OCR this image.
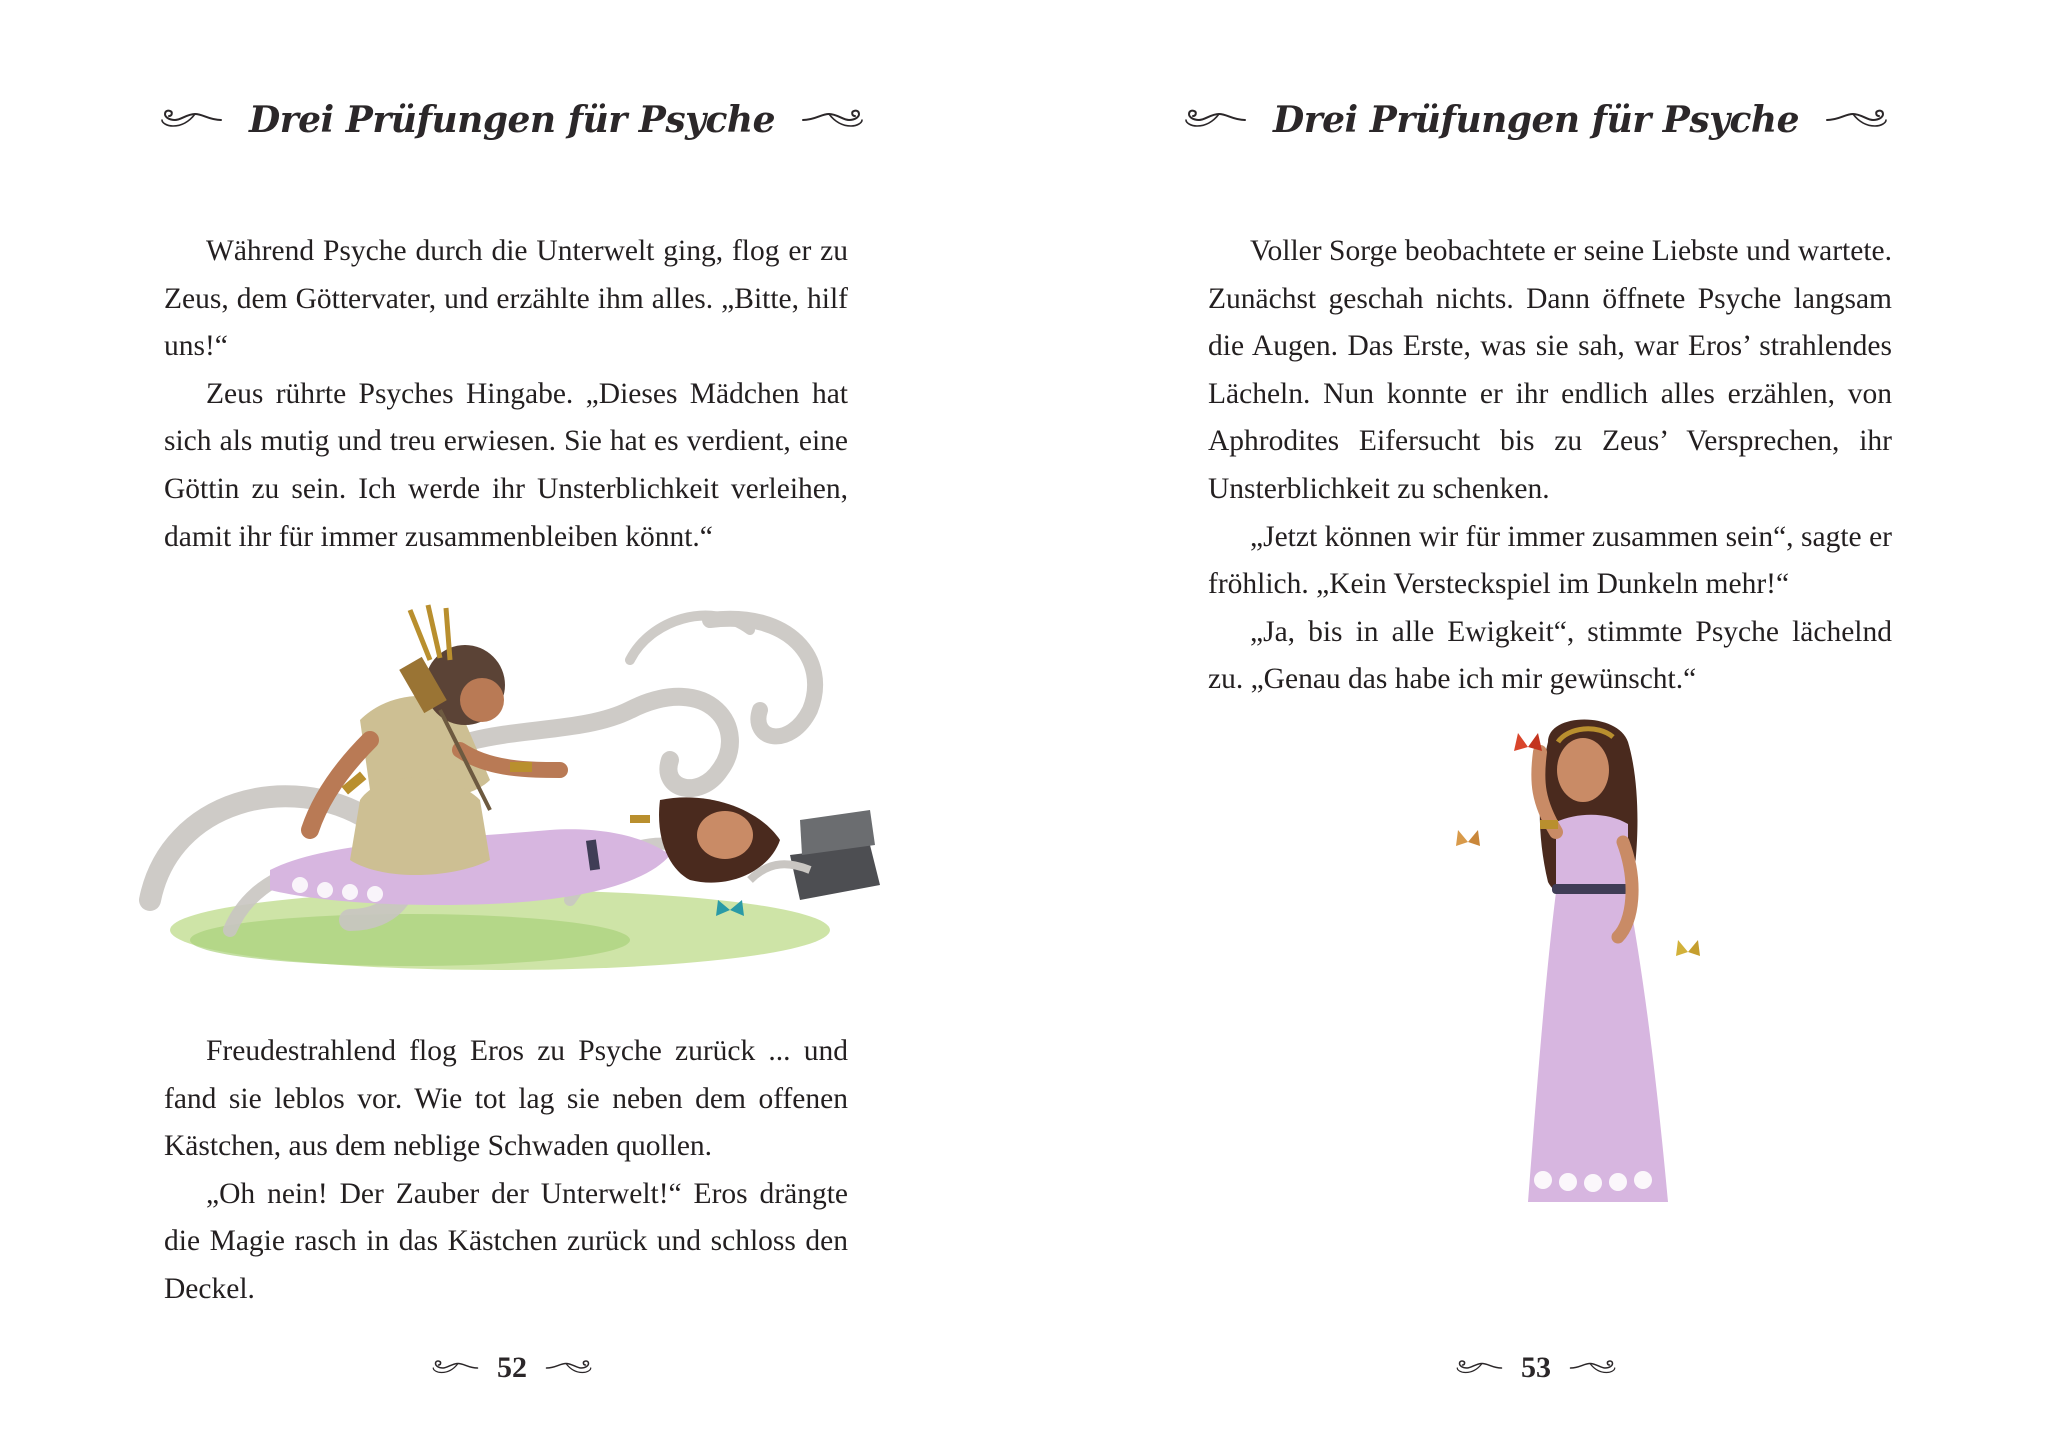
Drei Prüfungen für Psyche

Während Psyche durch die Unterwelt ging, flog er zu Zeus, dem Göttervater, und erzählte ihm alles. „Bitte, hilf uns!“

Zeus rührte Psyches Hingabe. „Dieses Mädchen hat sich als mutig und treu erwiesen. Sie hat es verdient, eine Göttin zu sein. Ich werde ihr Unsterblichkeit verleihen, damit ihr für immer zusammenbleiben könnt.“

Freudestrahlend flog Eros zu Psyche zurück ... und fand sie leblos vor. Wie tot lag sie neben dem offenen Kästchen, aus dem neblige Schwaden quollen.

„Oh nein! Der Zauber der Unterwelt!“ Eros drängte die Magie rasch in das Kästchen zurück und schloss den Deckel.

52
Drei Prüfungen für Psyche

Voller Sorge beobachtete er seine Liebste und wartete. Zunächst geschah nichts. Dann öffnete Psyche langsam die Augen. Das Erste, was sie sah, war Eros’ strahlendes Lächeln. Nun konnte er ihr endlich alles erzählen, von Aphrodites Eifersucht bis zu Zeus’ Versprechen, ihr Unsterblichkeit zu schenken.

„Jetzt können wir für immer zusammen sein“, sagte er fröhlich. „Kein Versteckspiel im Dunkeln mehr!“

„Ja, bis in alle Ewigkeit“, stimmte Psyche lächelnd zu. „Genau das habe ich mir gewünscht.“

53
